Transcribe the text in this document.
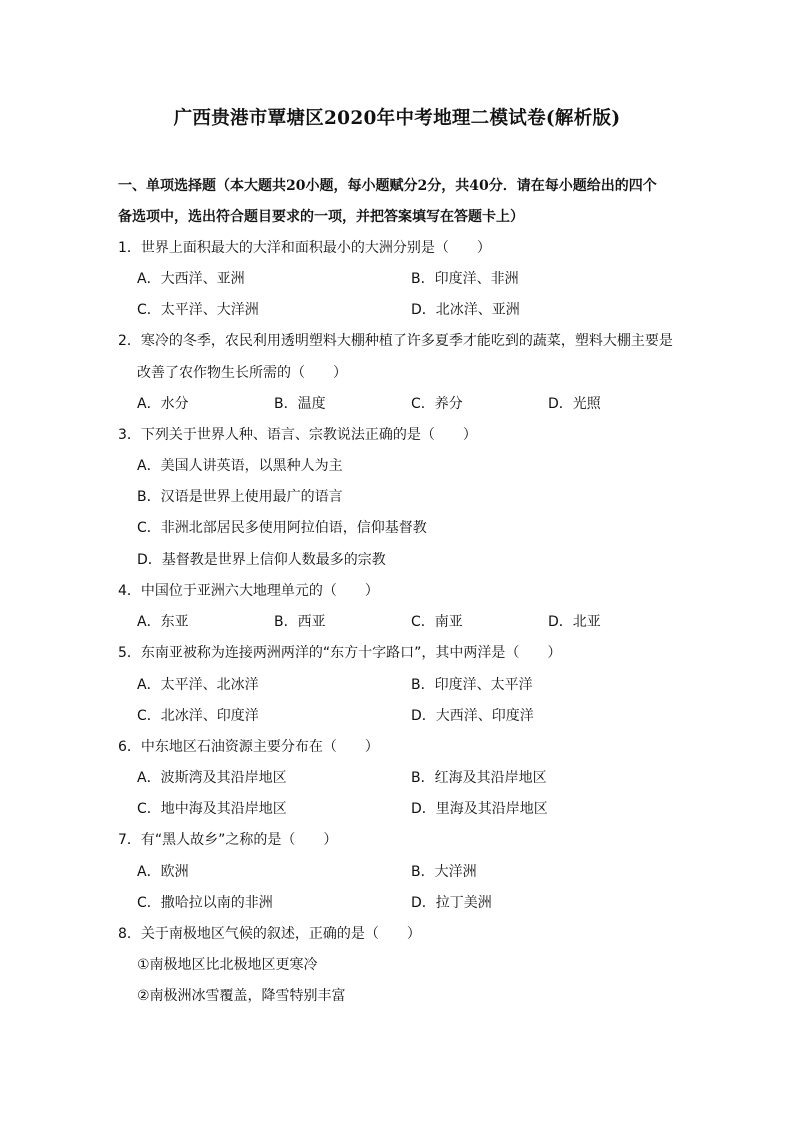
广西贵港市覃塘区2020年中考地理二模试卷(解析版)
一、单项选择题（本大题共20小题，每小题赋分2分，共40分．请在每小题给出的四个
备选项中，选出符合题目要求的一项，并把答案填写在答题卡上）
1．世界上面积最大的大洋和面积最小的大洲分别是（　　）
A．大西洋、亚洲	B．印度洋、非洲
C．太平洋、大洋洲	D．北冰洋、亚洲
2．寒冷的冬季，农民利用透明塑料大棚种植了许多夏季才能吃到的蔬菜，塑料大棚主要是
改善了农作物生长所需的（　　）
A．水分	B．温度	C．养分	D．光照
3．下列关于世界人种、语言、宗教说法正确的是（　　）
A．美国人讲英语，以黑种人为主
B．汉语是世界上使用最广的语言
C．非洲北部居民多使用阿拉伯语，信仰基督教
D．基督教是世界上信仰人数最多的宗教
4．中国位于亚洲六大地理单元的（　　）
A．东亚	B．西亚	C．南亚	D．北亚
5．东南亚被称为连接两洲两洋的“东方十字路口”，其中两洋是（　　）
A．太平洋、北冰洋	B．印度洋、太平洋
C．北冰洋、印度洋	D．大西洋、印度洋
6．中东地区石油资源主要分布在（　　）
A．波斯湾及其沿岸地区	B．红海及其沿岸地区
C．地中海及其沿岸地区	D．里海及其沿岸地区
7．有“黑人故乡”之称的是（　　）
A．欧洲	B．大洋洲
C．撒哈拉以南的非洲	D．拉丁美洲
8．关于南极地区气候的叙述，正确的是（　　）
①南极地区比北极地区更寒冷
②南极洲冰雪覆盖，降雪特别丰富
